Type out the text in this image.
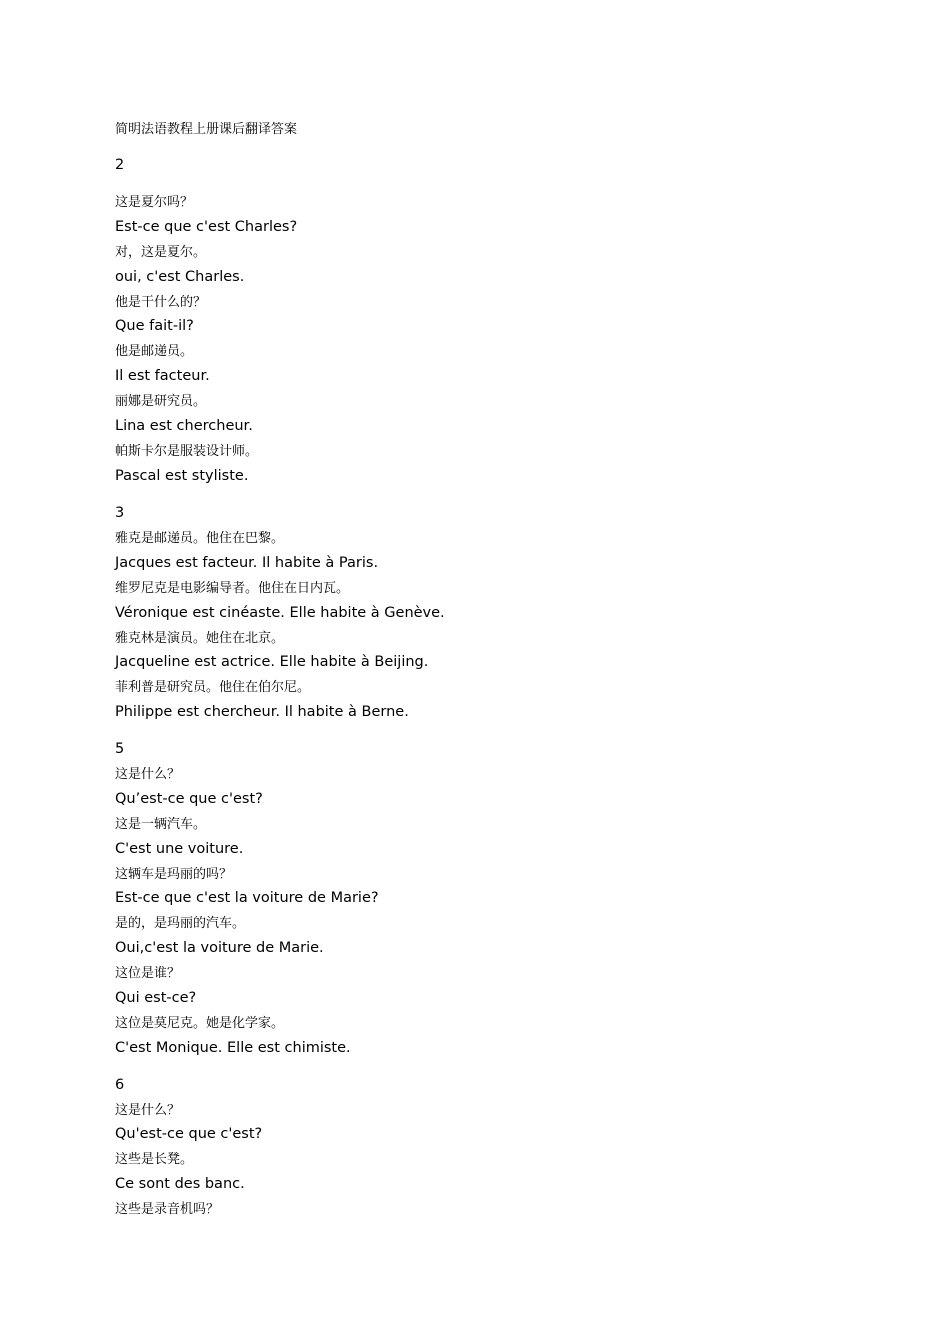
简明法语教程上册课后翻译答案
2
这是夏尔吗？
Est-ce que c'est Charles?
对，这是夏尔。
oui, c'est Charles.
他是干什么的？
Que fait-il?
他是邮递员。
Il est facteur.
丽娜是研究员。
Lina est chercheur.
帕斯卡尔是服装设计师。
Pascal est styliste.
3
雅克是邮递员。他住在巴黎。
Jacques est facteur. Il habite à Paris.
维罗尼克是电影编导者。他住在日内瓦。
Véronique est cinéaste. Elle habite à Genève.
雅克林是演员。她住在北京。
Jacqueline est actrice. Elle habite à Beijing.
菲利普是研究员。他住在伯尔尼。
Philippe est chercheur. Il habite à Berne.
5
这是什么？
Qu’est-ce que c'est?
这是一辆汽车。
C'est une voiture.
这辆车是玛丽的吗？
Est-ce que c'est la voiture de Marie?
是的，是玛丽的汽车。
Oui,c'est la voiture de Marie.
这位是谁？
Qui est-ce?
这位是莫尼克。她是化学家。
C'est Monique. Elle est chimiste.
6
这是什么？
Qu'est-ce que c'est?
这些是长凳。
Ce sont des banc.
这些是录音机吗？
